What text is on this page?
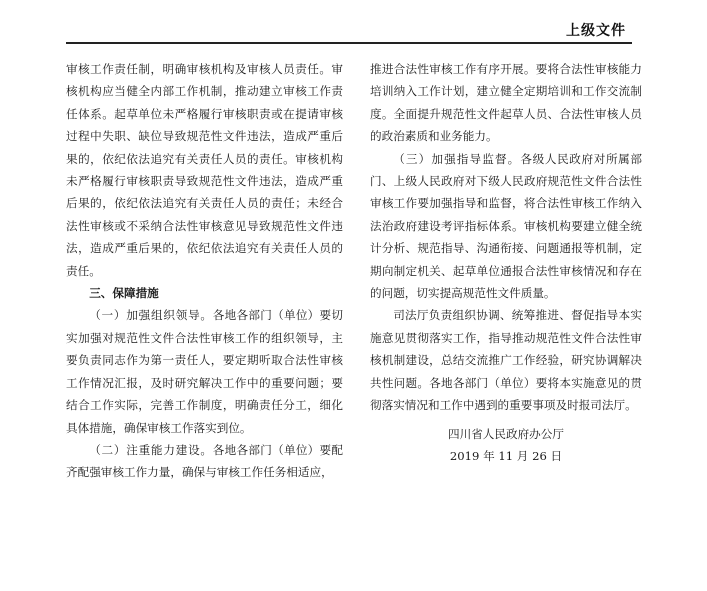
上级文件

审核工作责任制，明确审核机构及审核人员责任。审核机构应当健全内部工作机制，推动建立审核工作责任体系。起草单位未严格履行审核职责或在提请审核过程中失职、缺位导致规范性文件违法，造成严重后果的，依纪依法追究有关责任人员的责任。审核机构未严格履行审核职责导致规范性文件违法，造成严重后果的，依纪依法追究有关责任人员的责任；未经合法性审核或不采纳合法性审核意见导致规范性文件违法，造成严重后果的，依纪依法追究有关责任人员的责任。

三、保障措施

（一）加强组织领导。各地各部门（单位）要切实加强对规范性文件合法性审核工作的组织领导，主要负责同志作为第一责任人，要定期听取合法性审核工作情况汇报，及时研究解决工作中的重要问题；要结合工作实际，完善工作制度，明确责任分工，细化具体措施，确保审核工作落实到位。

（二）注重能力建设。各地各部门（单位）要配齐配强审核工作力量，确保与审核工作任务相适应，

推进合法性审核工作有序开展。要将合法性审核能力培训纳入工作计划，建立健全定期培训和工作交流制度。全面提升规范性文件起草人员、合法性审核人员的政治素质和业务能力。

（三）加强指导监督。各级人民政府对所属部门、上级人民政府对下级人民政府规范性文件合法性审核工作要加强指导和监督，将合法性审核工作纳入法治政府建设考评指标体系。审核机构要建立健全统计分析、规范指导、沟通衔接、问题通报等机制，定期向制定机关、起草单位通报合法性审核情况和存在的问题，切实提高规范性文件质量。

司法厅负责组织协调、统筹推进、督促指导本实施意见贯彻落实工作，指导推动规范性文件合法性审核机制建设，总结交流推广工作经验，研究协调解决共性问题。各地各部门（单位）要将本实施意见的贯彻落实情况和工作中遇到的重要事项及时报司法厅。

四川省人民政府办公厅
2019 年 11 月 26 日
